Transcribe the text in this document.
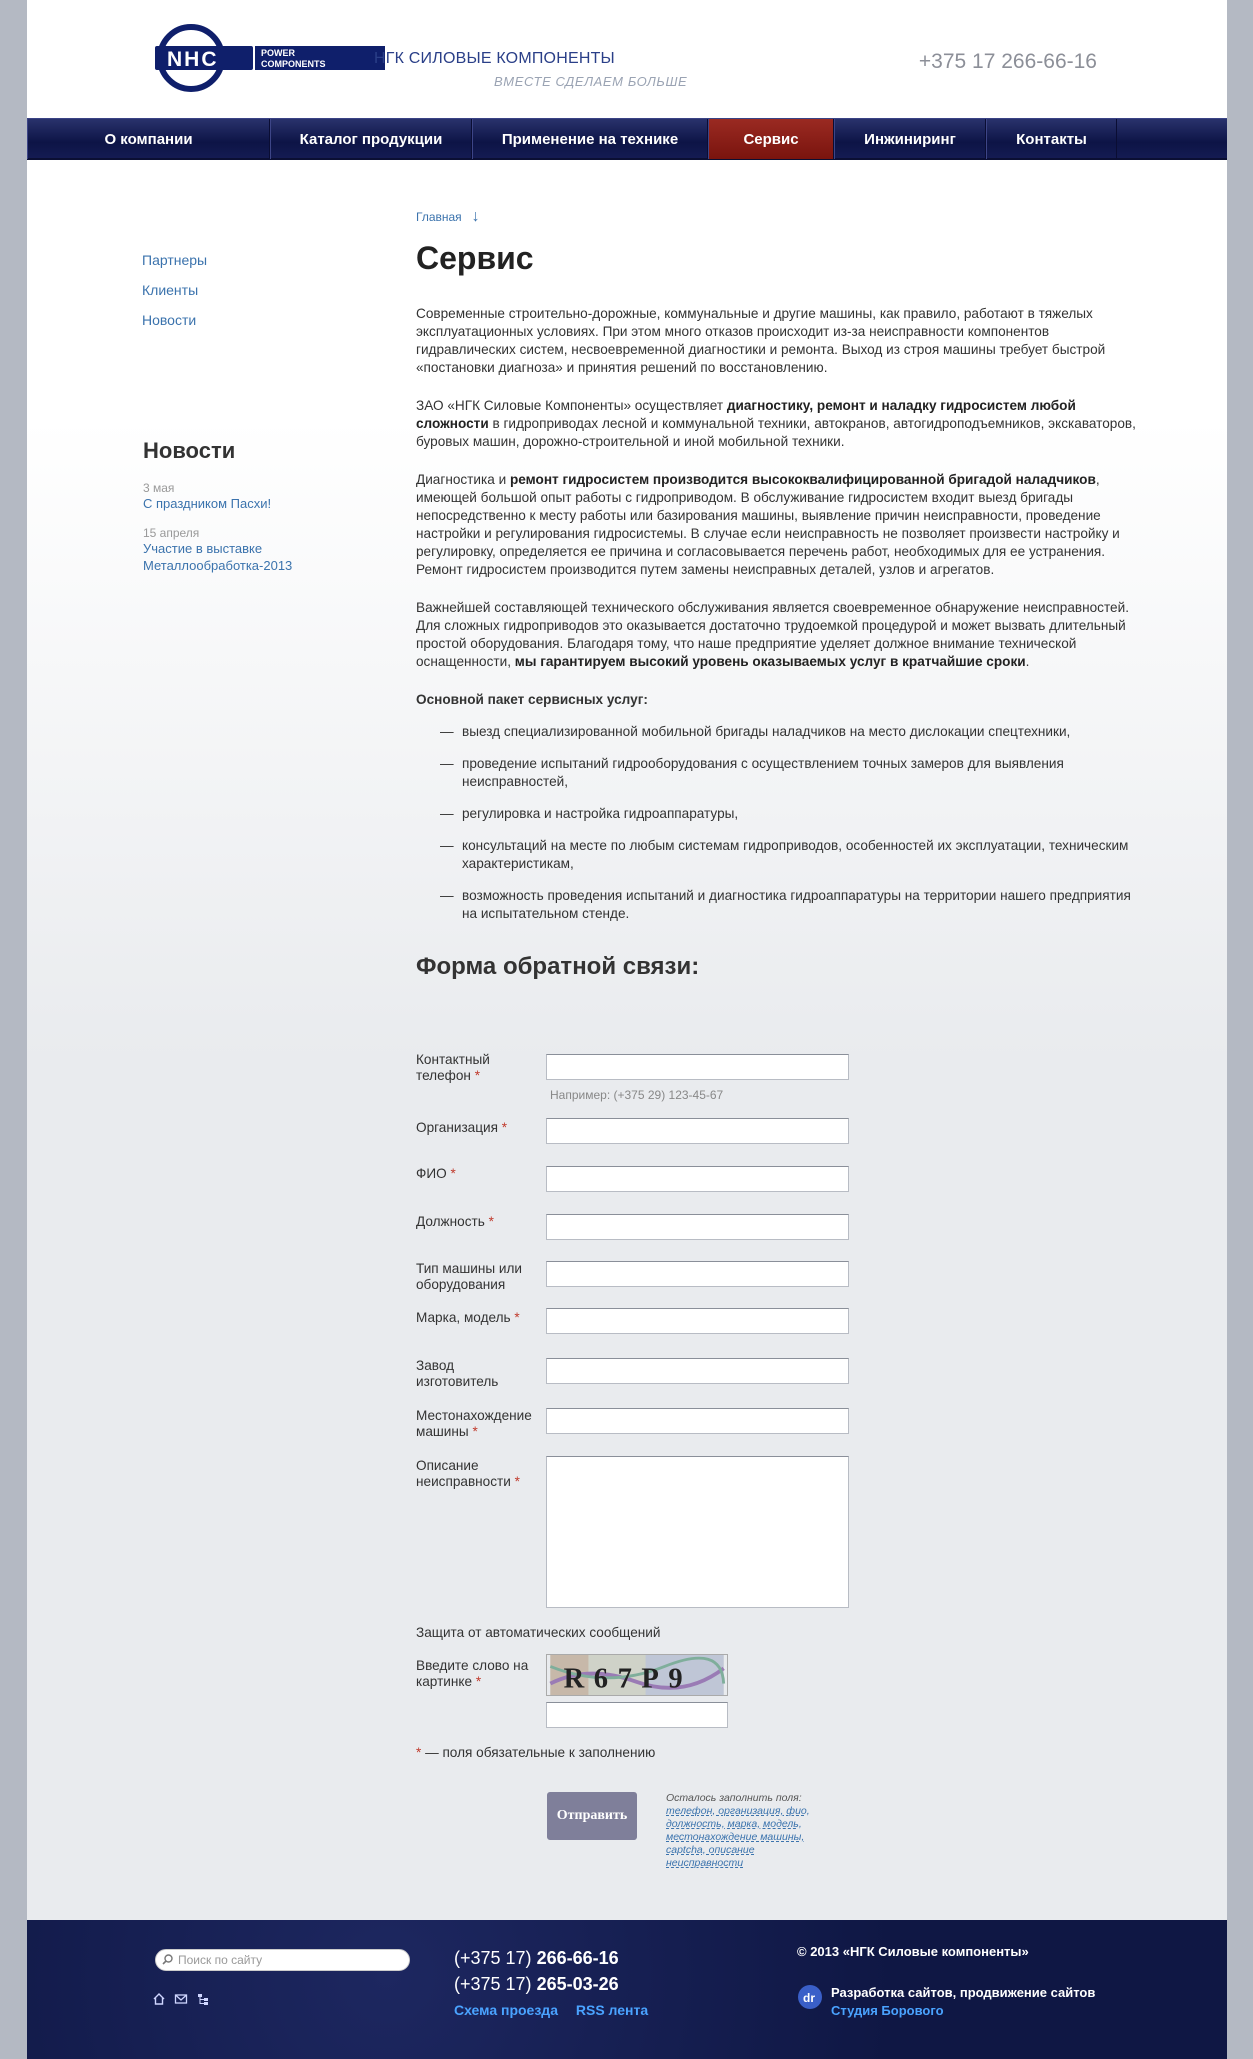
NHC	POWER
COMPONENTS	НГК СИЛОВЫЕ КОМПОНЕНТЫ
ВМЕСТЕ СДЕЛАЕМ БОЛЬШЕ
+375 17 266-66-16
О компании	Каталог продукции	Применение на технике	Сервис	Инжиниринг	Контакты
Партнеры
Клиенты
Новости
Новости
3 мая
С праздником Пасхи!
15 апреля
Участие в выставке Металлообработка-2013
Главная ↓
Сервис
Современные строительно-дорожные, коммунальные и другие машины, как правило, работают в тяжелых эксплуатационных условиях. При этом много отказов происходит из-за неисправности компонентов гидравлических систем, несвоевременной диагностики и ремонта. Выход из строя машины требует быстрой «постановки диагноза» и принятия решений по восстановлению.
ЗАО «НГК Силовые Компоненты» осуществляет диагностику, ремонт и наладку гидросистем любой сложности в гидроприводах лесной и коммунальной техники, автокранов, автогидроподъемников, экскаваторов, буровых машин, дорожно-строительной и иной мобильной техники.
Диагностика и ремонт гидросистем производится высококвалифицированной бригадой наладчиков, имеющей большой опыт работы с гидроприводом. В обслуживание гидросистем входит выезд бригады непосредственно к месту работы или базирования машины, выявление причин неисправности, проведение настройки и регулирования гидросистемы. В случае если неисправность не позволяет произвести настройку и регулировку, определяется ее причина и согласовывается перечень работ, необходимых для ее устранения. Ремонт гидросистем производится путем замены неисправных деталей, узлов и агрегатов.
Важнейшей составляющей технического обслуживания является своевременное обнаружение неисправностей. Для сложных гидроприводов это оказывается достаточно трудоемкой процедурой и может вызвать длительный простой оборудования. Благодаря тому, что наше предприятие уделяет должное внимание технической оснащенности, мы гарантируем высокий уровень оказываемых услуг в кратчайшие сроки.
Основной пакет сервисных услуг:
— выезд специализированной мобильной бригады наладчиков на место дислокации спецтехники,
— проведение испытаний гидрооборудования с осуществлением точных замеров для выявления неисправностей,
— регулировка и настройка гидроаппаратуры,
— консультаций на месте по любым системам гидроприводов, особенностей их эксплуатации, техническим характеристикам,
— возможность проведения испытаний и диагностика гидроаппаратуры на территории нашего предприятия на испытательном стенде.
Форма обратной связи:
Контактный телефон *
Например: (+375 29) 123-45-67
Организация *
ФИО *
Должность *
Тип машины или оборудования
Марка, модель *
Завод изготовитель
Местонахождение машины *
Описание неисправности *
Защита от автоматических сообщений
Введите слово на картинке *	R67P9
* — поля обязательные к заполнению
Отправить
Осталось заполнить поля:
телефон, организация, фио, должность, марка, модель, местонахождение машины, captcha, описание неисправности
Поиск по сайту	(+375 17) 266-66-16
(+375 17) 265-03-26
Схема проезда RSS лента
© 2013 «НГК Силовые компоненты»
dr Разработка сайтов, продвижение сайтов
Студия Борового
